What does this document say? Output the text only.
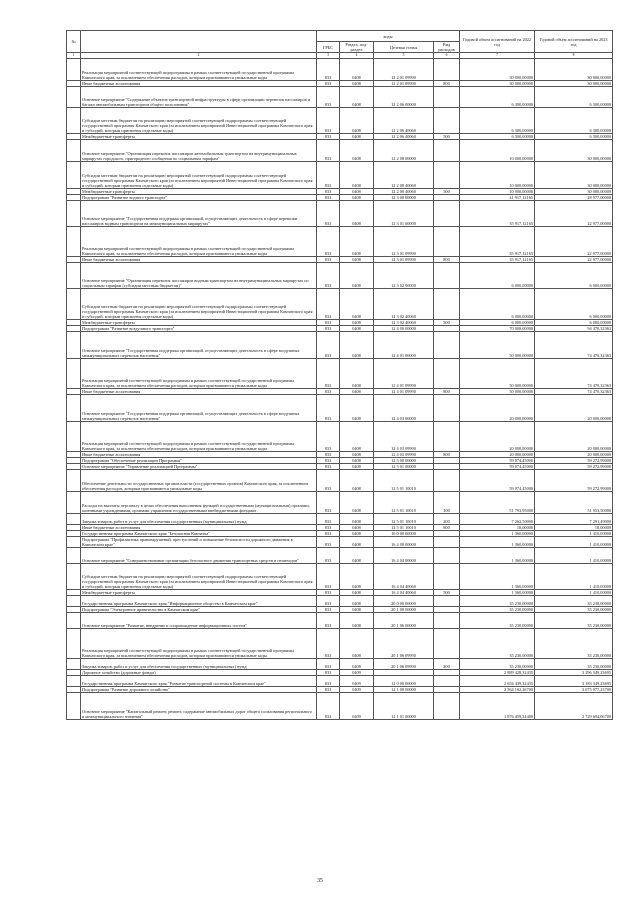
№		коды				Годовой объем ассигнований на 2022 год	Годовой объем ассигнований на 2023 год
		ГРБС	Раздел, под-раздел	Целевая статья	Вид расходов		
1	2	3	4	5	6	7	8
	Реализация мероприятий соответствующей подпрограммы в рамках соответствующей государственной программы Камчатского края, за исключением обеспечения расходов, которым присваиваются уникальные коды	833	0408	12 2 01 09990		30 000,00000	30 000,00000
	Иные бюджетные ассигнования	833	0408	12 2 01 09990	800	30 000,00000	30 000,00000
	Основное мероприятие "Содержание объектов транспортной инфраструктуры в сфере организации перевозок пассажиров и багажа автомобильным транспортом общего пользования"	833	0408	12 2 06 00000		6 300,00000	6 300,00000
	Субсидии местным бюджетам на реализацию мероприятий соответствующей подпрограммы соответствующей государственной программы Камчатского края (за исключением мероприятий Инвестиционной программы Камчатского края и субсидий, которым присвоены отдельные коды)	833	0408	12 2 06 40060		6 300,00000	6 300,00000
	Межбюджетные трансферты	833	0408	12 2 06 40060	500	6 300,00000	6 300,00000
	Основное мероприятие "Организация перевозок пассажиров автомобильным транспортом на внутримуниципальных маршрутах городского, пригородного сообщения по социальным тарифам"	833	0408	12 2 08 00000		10 000,00000	30 000,00000
	Субсидии местным бюджетам на реализацию мероприятий соответствующей подпрограммы соответствующей государственной программы Камчатского края (за исключением мероприятий Инвестиционной программы Камчатского края и субсидий, которым присвоены отдельные коды)	833	0408	12 2 08 40060		10 000,00000	30 000,00000
	Межбюджетные трансферты	833	0408	12 2 08 40060	500	10 000,00000	30 000,00000
	Подпрограмма "Развитие водного транспорта"	833	0408	12 3 00 00000		41 917,12165	28 977,00000
	Основное мероприятие "Государственная поддержка организаций, осуществляющих деятельность в сфере перевозки пассажиров водным транспортом на межмуниципальных маршрутах"	833	0408	12 3 01 00000		35 917,12165	22 977,00000
	Реализация мероприятий соответствующей подпрограммы в рамках соответствующей государственной программы Камчатского края, за исключением обеспечения расходов, которым присваиваются уникальные коды	833	0408	12 3 01 09990		35 917,12165	22 977,00000
	Иные бюджетные ассигнования	833	0408	12 3 01 09990	800	35 917,12165	22 977,00000
	Основное мероприятие "Организация перевозок пассажиров водным транспортом на внутримуниципальных маршрутах по социальным тарифам (субсидии местным бюджетам)"	833	0408	12 3 02 00000		6 000,00000	6 000,00000
	Субсидии местным бюджетам на реализацию мероприятий соответствующей подпрограммы соответствующей государственной программы Камчатского края (за исключением мероприятий Инвестиционной программы Камчатского края и субсидий, которым присвоены отдельные коды)	833	0408	12 3 02 40060		6 000,00000	6 000,00000
	Межбюджетные трансферты	833	0408	12 3 02 40060	500	6 000,00000	6 000,00000
	Подпрограмма "Развитие воздушного транспорта"	833	0408	12 4 00 00000		70 000,00000	94 470,32363
	Основное мероприятие "Государственная поддержка организаций, осуществляющих деятельность в сфере воздушных межмуниципальных перевозок населения"	833	0408	12 4 01 00000		50 000,00000	74 470,32363
	Реализация мероприятий соответствующей подпрограммы в рамках соответствующей государственной программы Камчатского края, за исключением обеспечения расходов, которым присваиваются уникальные коды	833	0408	12 4 01 09990		50 000,00000	74 470,32363
	Иные бюджетные ассигнования	833	0408	12 4 01 09990	800	50 000,00000	74 470,32363
	Основное мероприятие "Государственная поддержка организаций, осуществляющих деятельность в сфере воздушных межмуниципальных перевозок населения"	833	0408	12 4 03 00000		20 000,00000	20 000,00000
	Реализация мероприятий соответствующей подпрограммы в рамках соответствующей государственной программы Камчатского края, за исключением обеспечения расходов, которым присваиваются уникальные коды	833	0408	12 4 03 09990		20 000,00000	20 000,00000
	Иные бюджетные ассигнования	833	0408	12 4 03 09990	800	20 000,00000	20 000,00000
	Подпрограмма "Обеспечение реализации Программы"	833	0408	12 5 00 00000		59 074,45000	59 272,99000
	Основное мероприятие "Управление реализацией Программы"	833	0408	12 5 01 00000		59 074,45000	59 272,99000
	Обеспечение деятельности государственных органов власти (государственных органов) Камчатского края, за исключением обеспечения расходов, которым присваиваются уникальные коды	833	0408	12 5 01 10010		59 074,45000	59 272,99000
	Расходы на выплаты персоналу в целях обеспечения выполнения функций государственными (муниципальными) органами, казенными учреждениями, органами управления государственными внебюджетными фондами	833	0408	12 5 01 10010	100	51 793,95000	51 953,50000
	Закупка товаров, работ и услуг для обеспечения государственных (муниципальных) нужд	833	0408	12 5 01 10010	200	7 262,50000	7 291,49000
	Иные бюджетные ассигнования	833	0408	12 5 01 10010	800	18,00000	18,00000
	Государственная программа Камчатского края "Безопасная Камчатка"	833	0408	16 0 00 00000		1 360,00000	1 410,00000
	Подпрограмма "Профилактика правонарушений, преступлений и повышение безопасности дорожного движения в Камчатском крае"	833	0408	16 4 00 00000		1 360,00000	1 410,00000
	Основное мероприятие "Совершенствование организации безопасного движения транспортных средств и пешеходов"	833	0408	16 4 04 00000		1 360,00000	1 410,00000
	Субсидии местным бюджетам на реализацию мероприятий соответствующей подпрограммы соответствующей государственной программы Камчатского края (за исключением мероприятий Инвестиционной программы Камчатского края и субсидий, которым присвоены отдельные коды)	833	0408	16 4 04 40060		1 360,00000	1 410,00000
	Межбюджетные трансферты	833	0408	16 4 04 40060	500	1 360,00000	1 410,00000
	Государственная программа Камчатского края "Информационное общество в Камчатском крае"	833	0408	20 0 00 00000		35 230,00000	35 230,00000
	Подпрограмма "Электронное правительство в Камчатском крае"	833	0408	20 1 00 00000		35 230,00000	35 230,00000
	Основное мероприятие "Развитие, внедрение и сопровождение информационных систем"	833	0408	20 1 06 00000		35 230,00000	35 230,00000
	Реализация мероприятий соответствующей подпрограммы в рамках соответствующей государственной программы Камчатского края, за исключением обеспечения расходов, которым присваиваются уникальные коды	833	0408	20 1 06 09990		35 230,00000	35 230,00000
	Закупка товаров, работ и услуг для обеспечения государственных (муниципальных) нужд	833	0408	20 1 06 09990	200	35 230,00000	35 230,00000
	Дорожное хозяйство (дорожные фонды)	833	0409			2 889 428,32435	3 296 349,23695
	Государственная программа Камчатского края "Развитие транспортной системы в Камчатском крае"	833	0409	12 0 00 00000		2 654 439,32435	3 183 349,23695
	Подпрограмма "Развитие дорожного хозяйства"	833	0409	12 1 00 00000		2 564 162,26700	3 075 977,23700
	Основное мероприятие "Капитальный ремонт, ремонт, содержание автомобильных дорог общего пользования регионального и межмуниципального значения"	833	0409	12 1 01 00000		1 876 459,24400	2 729 694,06700
35
